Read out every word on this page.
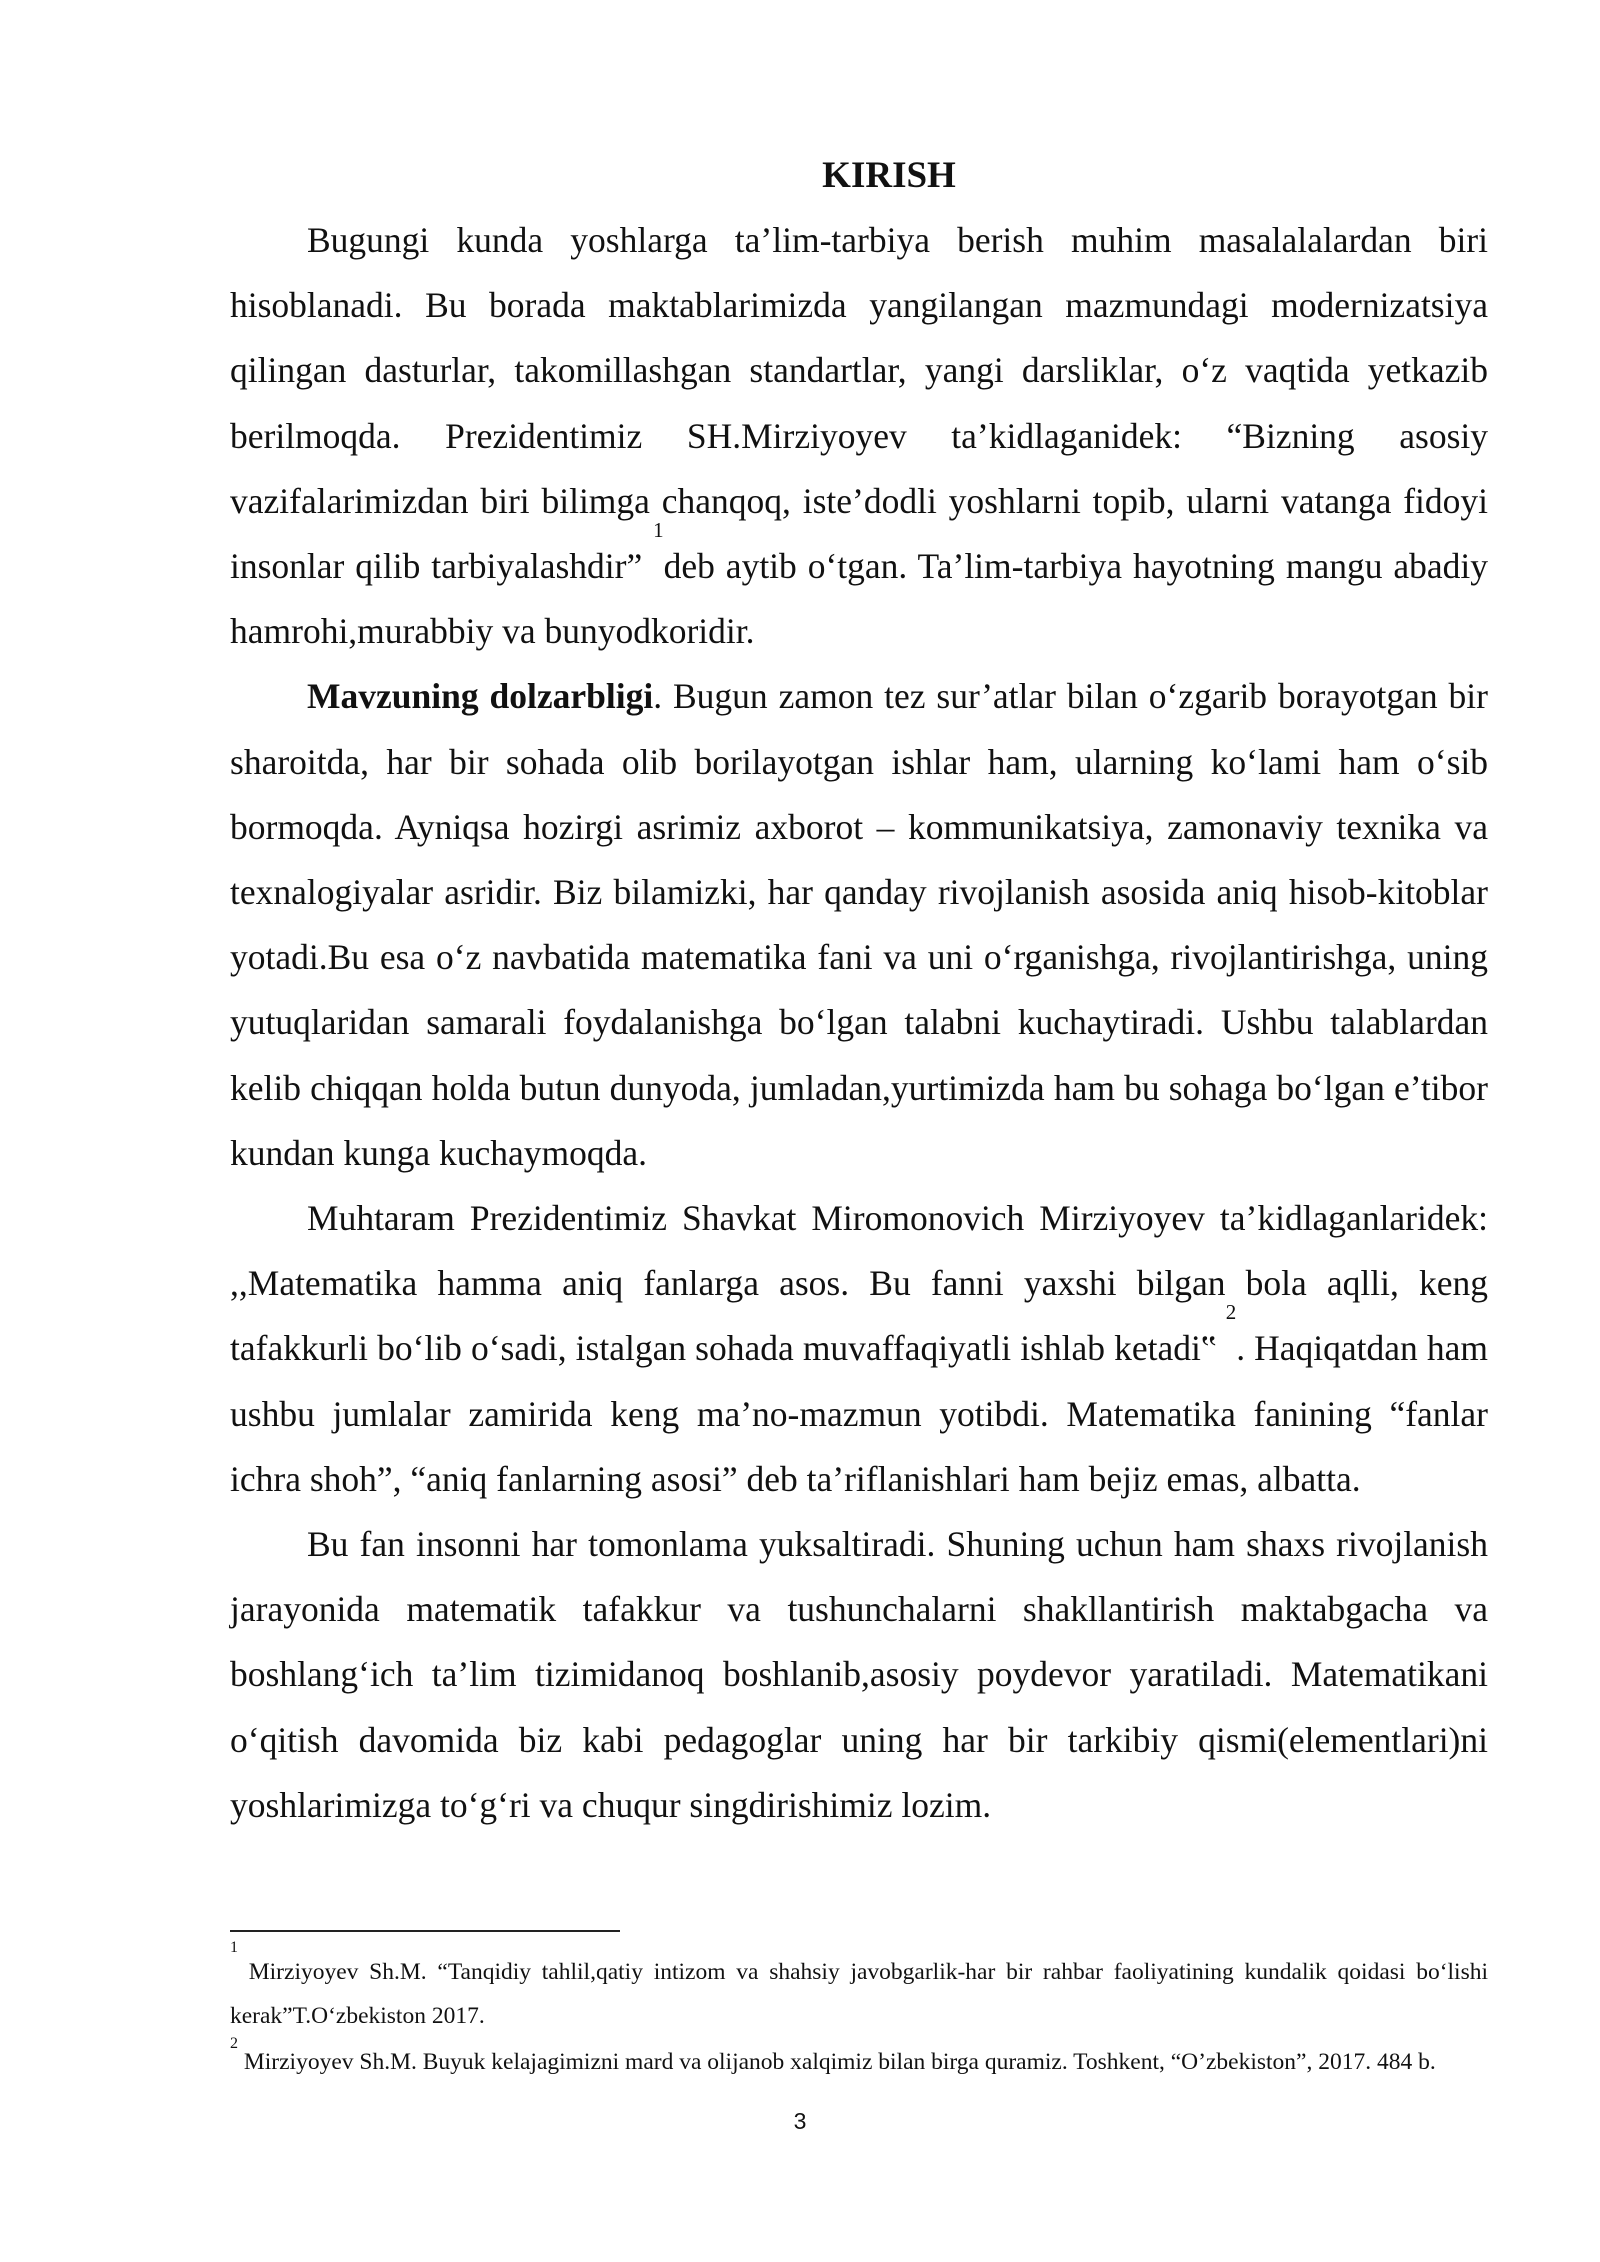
KIRISH

Bugungi kunda yoshlarga ta’lim-tarbiya berish muhim masalalalardan biri hisoblanadi. Bu borada maktablarimizda yangilangan mazmundagi modernizatsiya qilingan dasturlar, takomillashgan standartlar, yangi darsliklar, o‘z vaqtida yetkazib berilmoqda. Prezidentimiz SH.Mirziyoyev ta’kidlaganidek: “Bizning asosiy vazifalarimizdan biri bilimga chanqoq, iste’dodli yoshlarni topib, ularni vatanga fidoyi insonlar qilib tarbiyalashdir” $^1$deb aytib o‘tgan. Ta’lim-tarbiya hayotning mangu abadiy hamrohi,murabbiy va bunyodkoridir.

Mavzuning dolzarbligi. Bugun zamon tez sur’atlar bilan o‘zgarib borayotgan bir sharoitda, har bir sohada olib borilayotgan ishlar ham, ularning ko‘lami ham o‘sib bormoqda. Ayniqsa hozirgi asrimiz axborot – kommunikatsiya, zamonaviy texnika va texnalogiyalar asridir. Biz bilamizki, har qanday rivojlanish asosida aniq hisob-kitoblar yotadi.Bu esa o‘z navbatida matematika fani va uni o‘rganishga, rivojlantirishga, uning yutuqlaridan samarali foydalanishga bo‘lgan talabni kuchaytiradi. Ushbu talablardan kelib chiqqan holda butun dunyoda, jumladan,yurtimizda ham bu sohaga bo‘lgan e’tibor kundan kunga kuchaymoqda.

Muhtaram Prezidentimiz Shavkat Miromonovich Mirziyoyev ta’kidlaganlaridek: ,,Matematika hamma aniq fanlarga asos. Bu fanni yaxshi bilgan bola aqlli, keng tafakkurli bo‘lib o‘sadi, istalgan sohada muvaffaqiyatli ishlab ketadi‟ $^2$. Haqiqatdan ham ushbu jumlalar zamirida keng ma’no-mazmun yotibdi. Matematika fanining “fanlar ichra shoh”, “aniq fanlarning asosi” deb ta’riflanishlari ham bejiz emas, albatta.

Bu fan insonni har tomonlama yuksaltiradi. Shuning uchun ham shaxs rivojlanish jarayonida matematik tafakkur va tushunchalarni shakllantirish maktabgacha va boshlang‘ich ta’lim tizimidanoq boshlanib,asosiy poydevor yaratiladi. Matematikani o‘qitish davomida biz kabi pedagoglar uning har bir tarkibiy qismi(elementlari)ni yoshlarimizga to‘g‘ri va chuqur singdirishimiz lozim.

$^1$ Mirziyoyev Sh.M. “Tanqidiy tahlil,qatiy intizom va shahsiy javobgarlik-har bir rahbar faoliyatining kundalik qoidasi bo‘lishi kerak”T.O‘zbekiston 2017.

$^2$ Mirziyoyev Sh.M. Buyuk kelajagimizni mard va olijanob xalqimiz bilan birga quramiz. Toshkent, “O’zbekiston”, 2017. 484 b.

3
